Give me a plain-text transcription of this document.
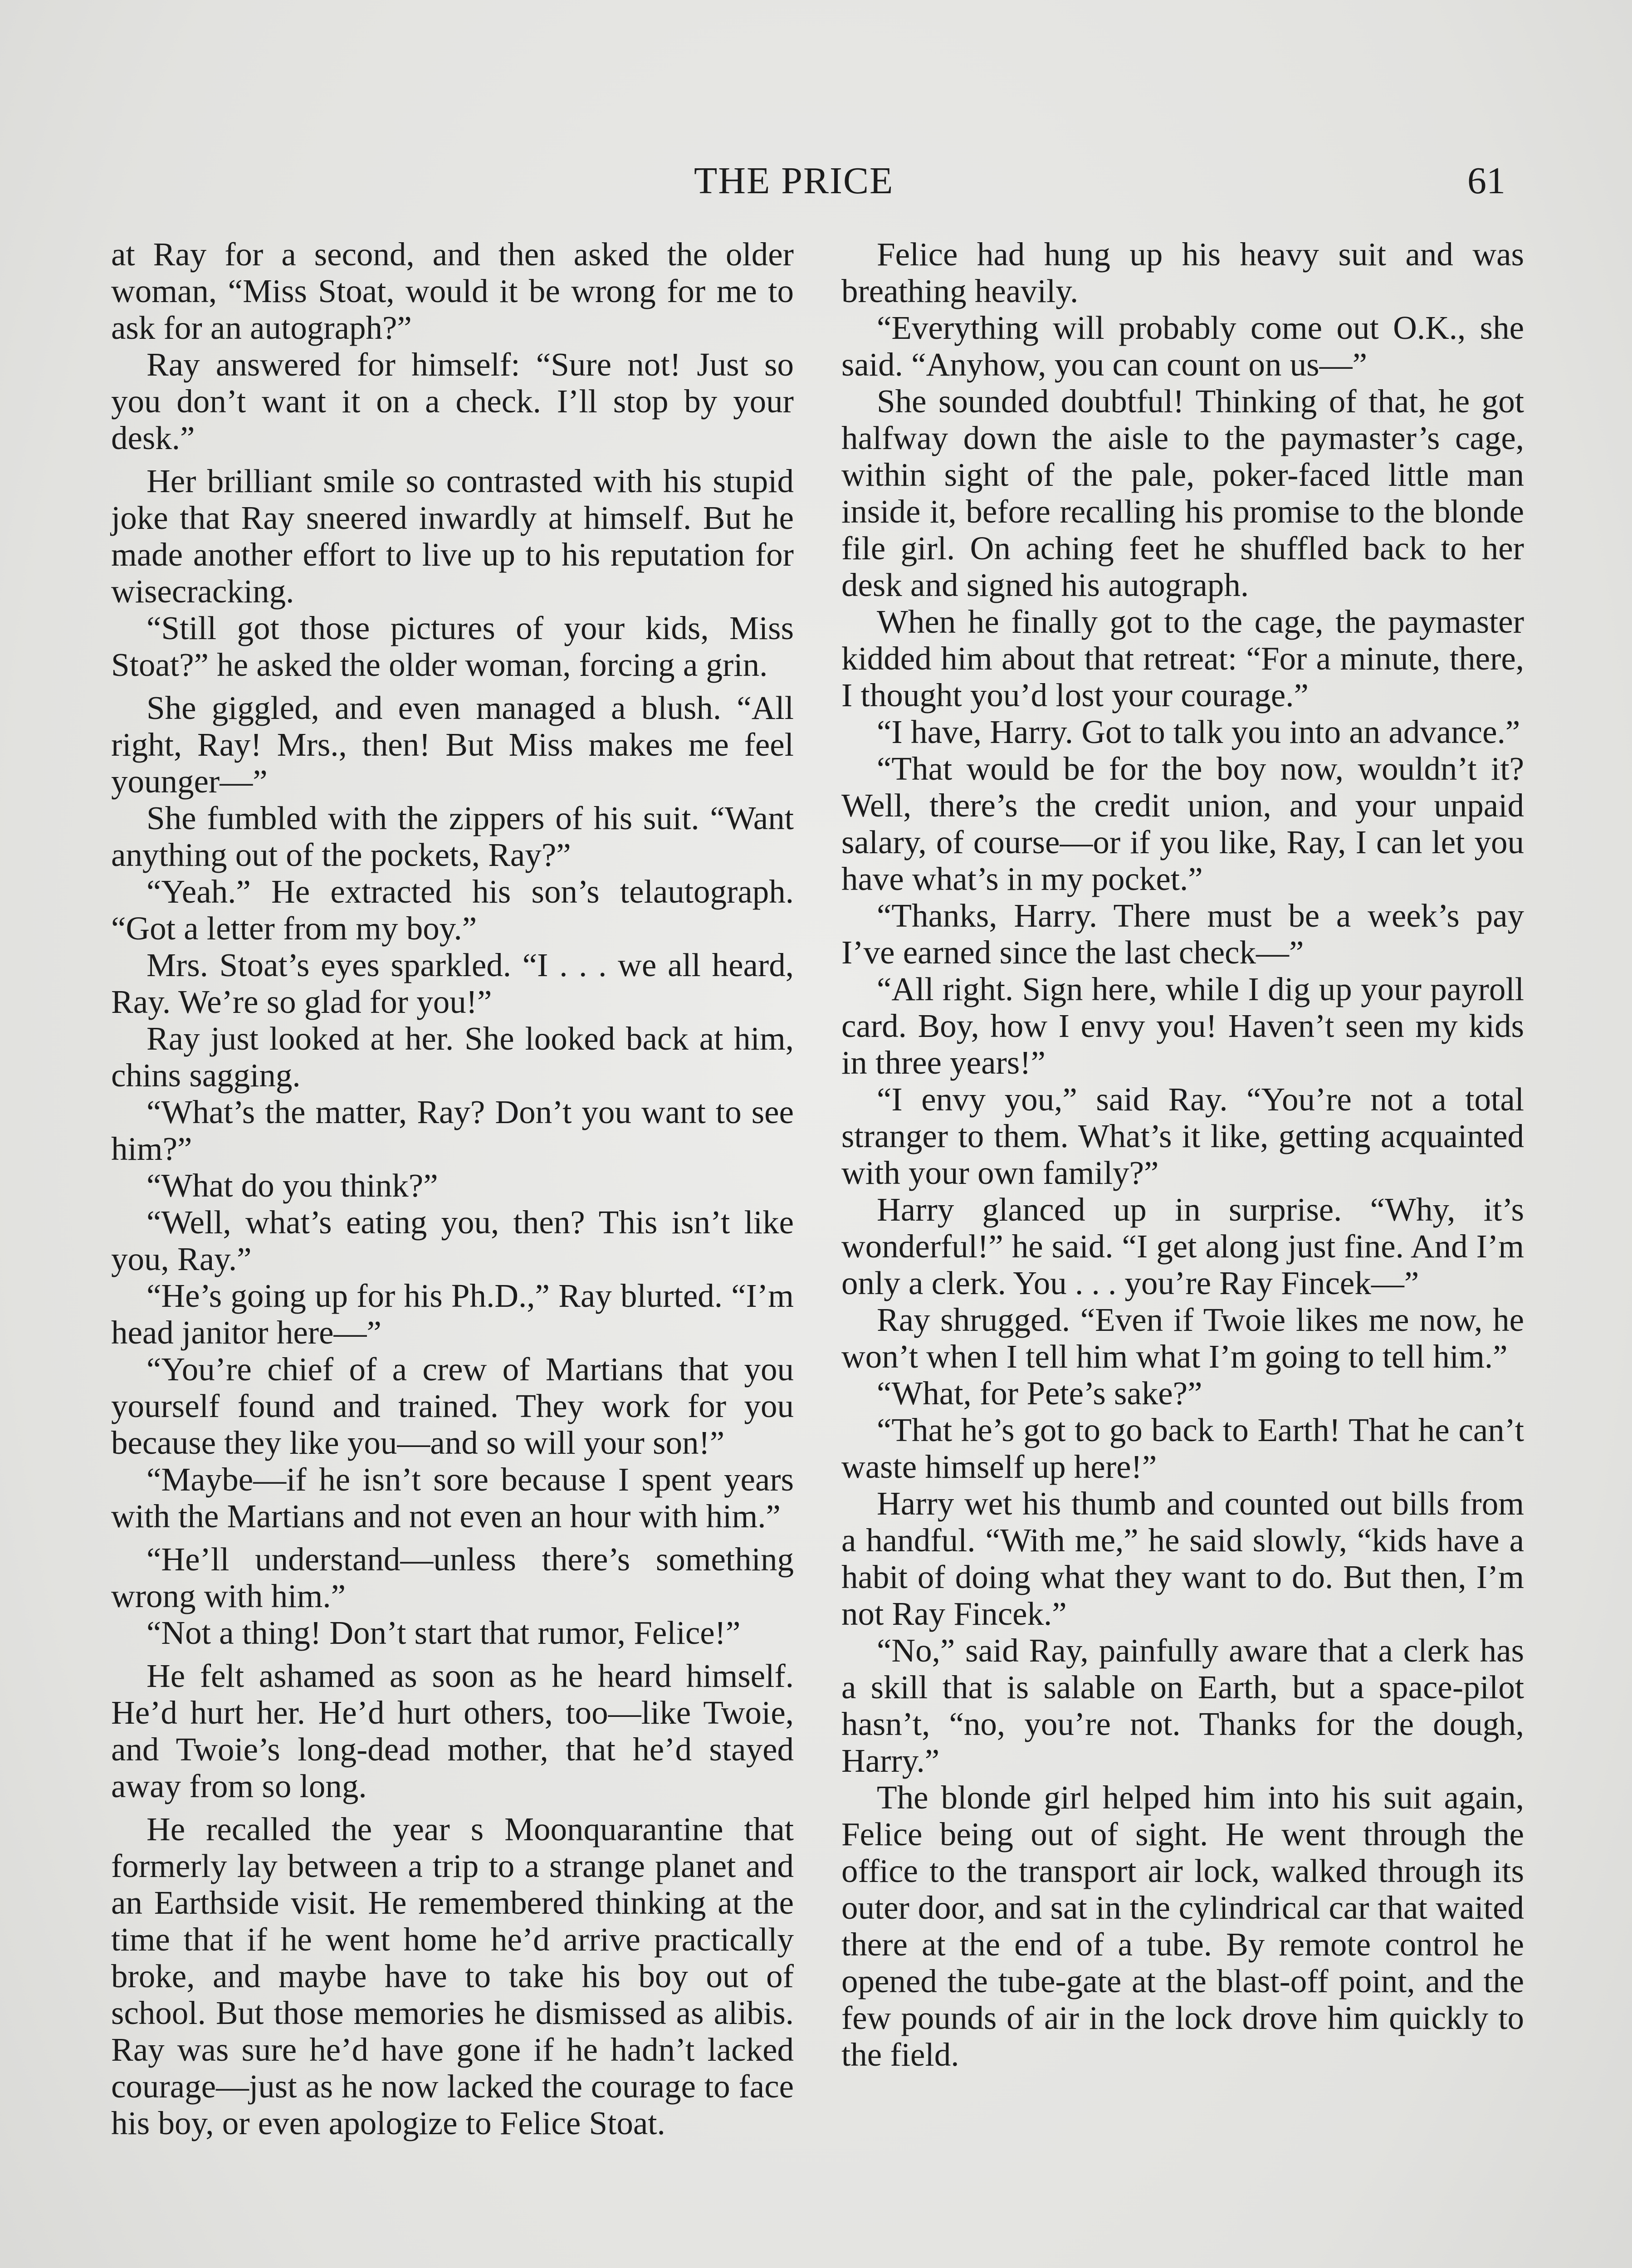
THE PRICE	61

at Ray for a second, and then asked the older woman, “Miss Stoat, would it be wrong for me to ask for an autograph?”

Ray answered for himself: “Sure not! Just so you don’t want it on a check. I’ll stop by your desk.”

Her brilliant smile so contrasted with his stupid joke that Ray sneered inwardly at himself. But he made another effort to live up to his reputation for wisecracking.

“Still got those pictures of your kids, Miss Stoat?” he asked the older woman, forcing a grin.

She giggled, and even managed a blush. “All right, Ray! Mrs., then! But Miss makes me feel younger—”

She fumbled with the zippers of his suit. “Want anything out of the pockets, Ray?”

“Yeah.” He extracted his son’s telautograph. “Got a letter from my boy.”

Mrs. Stoat’s eyes sparkled. “I . . . we all heard, Ray. We’re so glad for you!”

Ray just looked at her. She looked back at him, chins sagging.

“What’s the matter, Ray? Don’t you want to see him?”

“What do you think?”

“Well, what’s eating you, then? This isn’t like you, Ray.”

“He’s going up for his Ph.D.,” Ray blurted. “I’m head janitor here—”

“You’re chief of a crew of Martians that you yourself found and trained. They work for you because they like you—and so will your son!”

“Maybe—if he isn’t sore because I spent years with the Martians and not even an hour with him.”

“He’ll understand—unless there’s something wrong with him.”

“Not a thing! Don’t start that rumor, Felice!”

He felt ashamed as soon as he heard himself. He’d hurt her. He’d hurt others, too—like Twoie, and Twoie’s long-dead mother, that he’d stayed away from so long.

He recalled the year s Moonquarantine that formerly lay between a trip to a strange planet and an Earthside visit. He remembered thinking at the time that if he went home he’d arrive practically broke, and maybe have to take his boy out of school. But those memories he dismissed as alibis. Ray was sure he’d have gone if he hadn’t lacked courage—just as he now lacked the courage to face his boy, or even apologize to Felice Stoat.

Felice had hung up his heavy suit and was breathing heavily.

“Everything will probably come out O.K., she said. “Anyhow, you can count on us—”

She sounded doubtful! Thinking of that, he got halfway down the aisle to the paymaster’s cage, within sight of the pale, poker-faced little man inside it, before recalling his promise to the blonde file girl. On aching feet he shuffled back to her desk and signed his autograph.

When he finally got to the cage, the paymaster kidded him about that retreat: “For a minute, there, I thought you’d lost your courage.”

“I have, Harry. Got to talk you into an advance.”

“That would be for the boy now, wouldn’t it? Well, there’s the credit union, and your unpaid salary, of course—or if you like, Ray, I can let you have what’s in my pocket.”

“Thanks, Harry. There must be a week’s pay I’ve earned since the last check—”

“All right. Sign here, while I dig up your payroll card. Boy, how I envy you! Haven’t seen my kids in three years!”

“I envy you,” said Ray. “You’re not a total stranger to them. What’s it like, getting acquainted with your own family?”

Harry glanced up in surprise. “Why, it’s wonderful!” he said. “I get along just fine. And I’m only a clerk. You . . . you’re Ray Fincek—”

Ray shrugged. “Even if Twoie likes me now, he won’t when I tell him what I’m going to tell him.”

“What, for Pete’s sake?”

“That he’s got to go back to Earth! That he can’t waste himself up here!”

Harry wet his thumb and counted out bills from a handful. “With me,” he said slowly, “kids have a habit of doing what they want to do. But then, I’m not Ray Fincek.”

“No,” said Ray, painfully aware that a clerk has a skill that is salable on Earth, but a space-pilot hasn’t, “no, you’re not. Thanks for the dough, Harry.”

The blonde girl helped him into his suit again, Felice being out of sight. He went through the office to the transport air lock, walked through its outer door, and sat in the cylindrical car that waited there at the end of a tube. By remote control he opened the tube-gate at the blast-off point, and the few pounds of air in the lock drove him quickly to the field.
